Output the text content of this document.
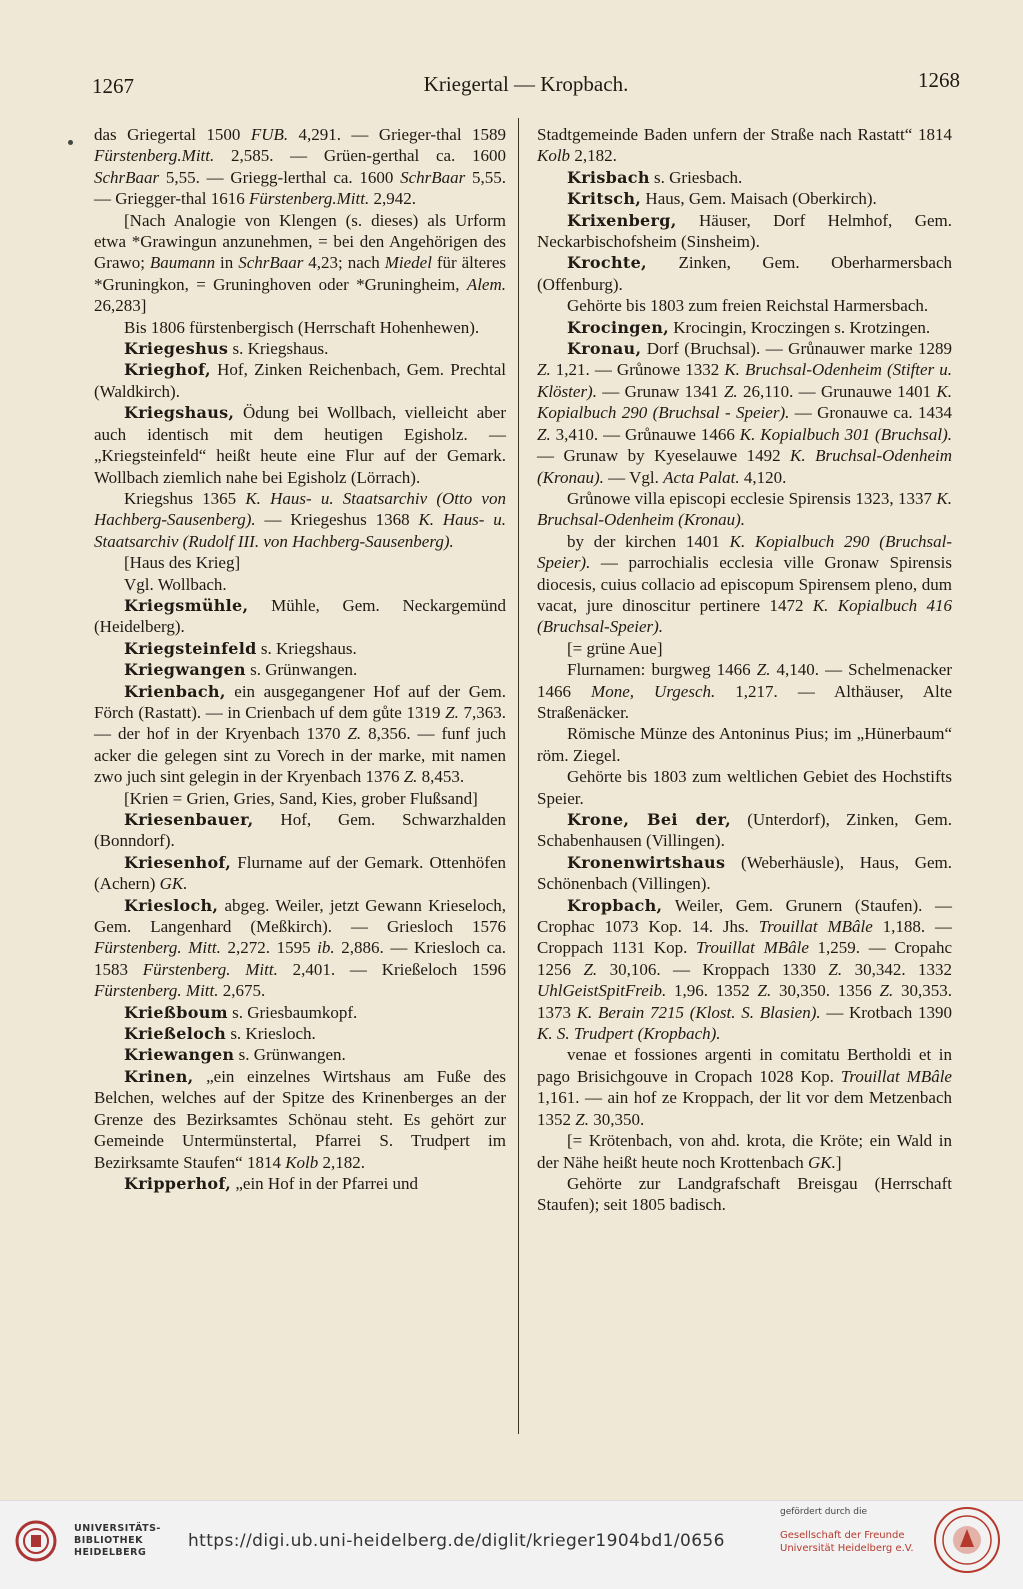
1267	Kriegertal — Kropbach.	1268

das Griegertal 1500 FUB. 4,291. — Grieger-thal 1589 Fürstenberg.Mitt. 2,585. — Grüen-gerthal ca. 1600 SchrBaar 5,55. — Griegg-lerthal ca. 1600 SchrBaar 5,55. — Griegger-thal 1616 Fürstenberg.Mitt. 2,942.

[Nach Analogie von Klengen (s. dieses) als Urform etwa *Grawingun anzunehmen, = bei den Angehörigen des Grawo; Baumann in SchrBaar 4,23; nach Miedel für älteres *Gruningkon, = Gruninghoven oder *Gruningheim, Alem. 26,283]

Bis 1806 fürstenbergisch (Herrschaft Hohenhewen).

Kriegeshus s. Kriegshaus.

Krieghof, Hof, Zinken Reichenbach, Gem. Prechtal (Waldkirch).

Kriegshaus, Ödung bei Wollbach, vielleicht aber auch identisch mit dem heutigen Egisholz. — „Kriegsteinfeld“ heißt heute eine Flur auf der Gemark. Wollbach ziemlich nahe bei Egisholz (Lörrach).

Kriegshus 1365 K. Haus- u. Staatsarchiv (Otto von Hachberg-Sausenberg). — Kriegeshus 1368 K. Haus- u. Staatsarchiv (Rudolf III. von Hachberg-Sausenberg).

[Haus des Krieg]

Vgl. Wollbach.

Kriegsmühle, Mühle, Gem. Neckargemünd (Heidelberg).

Kriegsteinfeld s. Kriegshaus.

Kriegwangen s. Grünwangen.

Krienbach, ein ausgegangener Hof auf der Gem. Förch (Rastatt). — in Crienbach uf dem gůte 1319 Z. 7,363. — der hof in der Kryenbach 1370 Z. 8,356. — funf juch acker die gelegen sint zu Vorech in der marke, mit namen zwo juch sint gelegin in der Kryenbach 1376 Z. 8,453.

[Krien = Grien, Gries, Sand, Kies, grober Flußsand]

Kriesenbauer, Hof, Gem. Schwarzhalden (Bonndorf).

Kriesenhof, Flurname auf der Gemark. Ottenhöfen (Achern) GK.

Kriesloch, abgeg. Weiler, jetzt Gewann Krieseloch, Gem. Langenhard (Meßkirch). — Griesloch 1576 Fürstenberg. Mitt. 2,272. 1595 ib. 2,886. — Kriesloch ca. 1583 Fürstenberg. Mitt. 2,401. — Krießeloch 1596 Fürstenberg. Mitt. 2,675.

Krießboum s. Griesbaumkopf.

Krießeloch s. Kriesloch.

Kriewangen s. Grünwangen.

Krinen, „ein einzelnes Wirtshaus am Fuße des Belchen, welches auf der Spitze des Krinenberges an der Grenze des Bezirksamtes Schönau steht. Es gehört zur Gemeinde Untermünstertal, Pfarrei S. Trudpert im Bezirksamte Staufen“ 1814 Kolb 2,182.

Kripperhof, „ein Hof in der Pfarrei und

Stadtgemeinde Baden unfern der Straße nach Rastatt“ 1814 Kolb 2,182.

Krisbach s. Griesbach.

Kritsch, Haus, Gem. Maisach (Oberkirch).

Krixenberg, Häuser, Dorf Helmhof, Gem. Neckarbischofsheim (Sinsheim).

Krochte, Zinken, Gem. Oberharmersbach (Offenburg).

Gehörte bis 1803 zum freien Reichstal Harmersbach.

Krocingen, Krocingin, Kroczingen s. Krotzingen.

Kronau, Dorf (Bruchsal). — Grůnauwer marke 1289 Z. 1,21. — Grůnowe 1332 K. Bruchsal-Odenheim (Stifter u. Klöster). — Grunaw 1341 Z. 26,110. — Grunauwe 1401 K. Kopialbuch 290 (Bruchsal - Speier). — Gronauwe ca. 1434 Z. 3,410. — Grůnauwe 1466 K. Kopialbuch 301 (Bruchsal). — Grunaw by Kyeselauwe 1492 K. Bruchsal-Odenheim (Kronau). — Vgl. Acta Palat. 4,120.

Grůnowe villa episcopi ecclesie Spirensis 1323, 1337 K. Bruchsal-Odenheim (Kronau).

by der kirchen 1401 K. Kopialbuch 290 (Bruchsal-Speier). — parrochialis ecclesia ville Gronaw Spirensis diocesis, cuius collacio ad episcopum Spirensem pleno, dum vacat, jure dinoscitur pertinere 1472 K. Kopialbuch 416 (Bruchsal-Speier).

[= grüne Aue]

Flurnamen: burgweg 1466 Z. 4,140. — Schelmenacker 1466 Mone, Urgesch. 1,217. — Althäuser, Alte Straßenäcker.

Römische Münze des Antoninus Pius; im „Hünerbaum“ röm. Ziegel.

Gehörte bis 1803 zum weltlichen Gebiet des Hochstifts Speier.

Krone, Bei der, (Unterdorf), Zinken, Gem. Schabenhausen (Villingen).

Kronenwirtshaus (Weberhäusle), Haus, Gem. Schönenbach (Villingen).

Kropbach, Weiler, Gem. Grunern (Staufen). — Crophac 1073 Kop. 14. Jhs. Trouillat MBâle 1,188. — Croppach 1131 Kop. Trouillat MBâle 1,259. — Cropahc 1256 Z. 30,106. — Kroppach 1330 Z. 30,342. 1332 UhlGeistSpitFreib. 1,96. 1352 Z. 30,350. 1356 Z. 30,353. 1373 K. Berain 7215 (Klost. S. Blasien). — Krotbach 1390 K. S. Trudpert (Kropbach).

venae et fossiones argenti in comitatu Bertholdi et in pago Brisichgouve in Cropach 1028 Kop. Trouillat MBâle 1,161. — ain hof ze Kroppach, der lit vor dem Metzenbach 1352 Z. 30,350.

[= Krötenbach, von ahd. krota, die Kröte; ein Wald in der Nähe heißt heute noch Krottenbach GK.]

Gehörte zur Landgrafschaft Breisgau (Herrschaft Staufen); seit 1805 badisch.

UNIVERSITÄTS-
BIBLIOTHEK
HEIDELBERG
https://digi.ub.uni-heidelberg.de/diglit/krieger1904bd1/0656
gefördert durch die
Gesellschaft der Freunde
Universität Heidelberg e.V.
